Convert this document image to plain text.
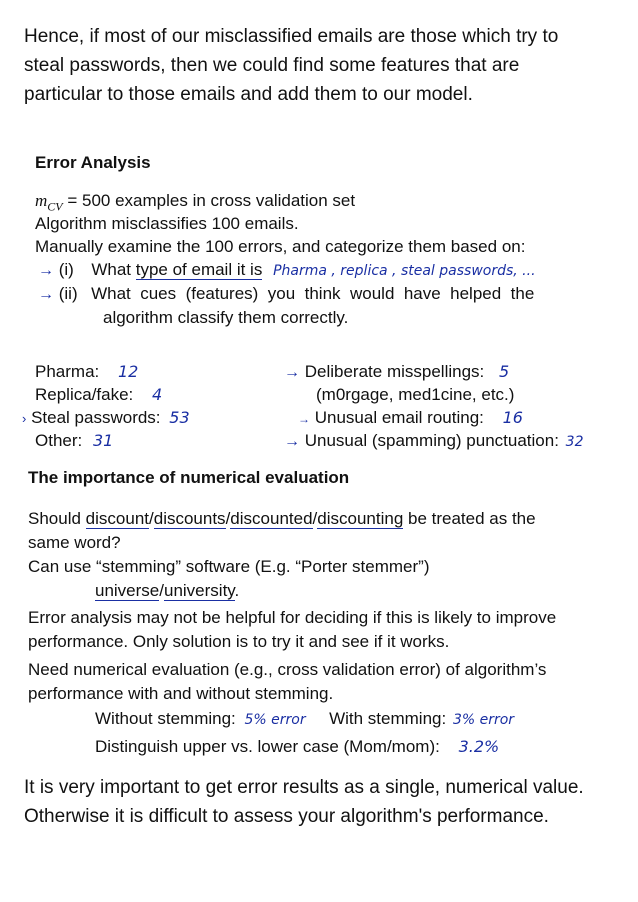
Hence, if most of our misclassified emails are those which try to
steal passwords, then we could find some features that are
particular to those emails and add them to our model.
Error Analysis
$m_{CV} = 500$ examples in cross validation set
Algorithm misclassifies 100 emails.
Manually examine the 100 errors, and categorize them based on:
→ (i) What type of email it is Pharma , replica , steal passwords, ...
→ (ii) What  cues  (features)  you  think  would  have  helped  the
algorithm classify them correctly.
Pharma: 12
Replica/fake: 4
› Steal passwords: 53
Other: 31
→ Deliberate misspellings: 5
(m0rgage, med1cine, etc.)
→ Unusual email routing: 16
→ Unusual (spamming) punctuation: 32
The importance of numerical evaluation
Should discount/discounts/discounted/discounting be treated as the
same word?
Can use “stemming” software (E.g. “Porter stemmer”)
universe/university.
Error analysis may not be helpful for deciding if this is likely to improve
performance. Only solution is to try it and see if it works.
Need numerical evaluation (e.g., cross validation error) of algorithm’s
performance with and without stemming.
Without stemming: 5% error With stemming: 3% error
Distinguish upper vs. lower case (Mom/mom): 3.2%
It is very important to get error results as a single, numerical value.
Otherwise it is difficult to assess your algorithm's performance.
